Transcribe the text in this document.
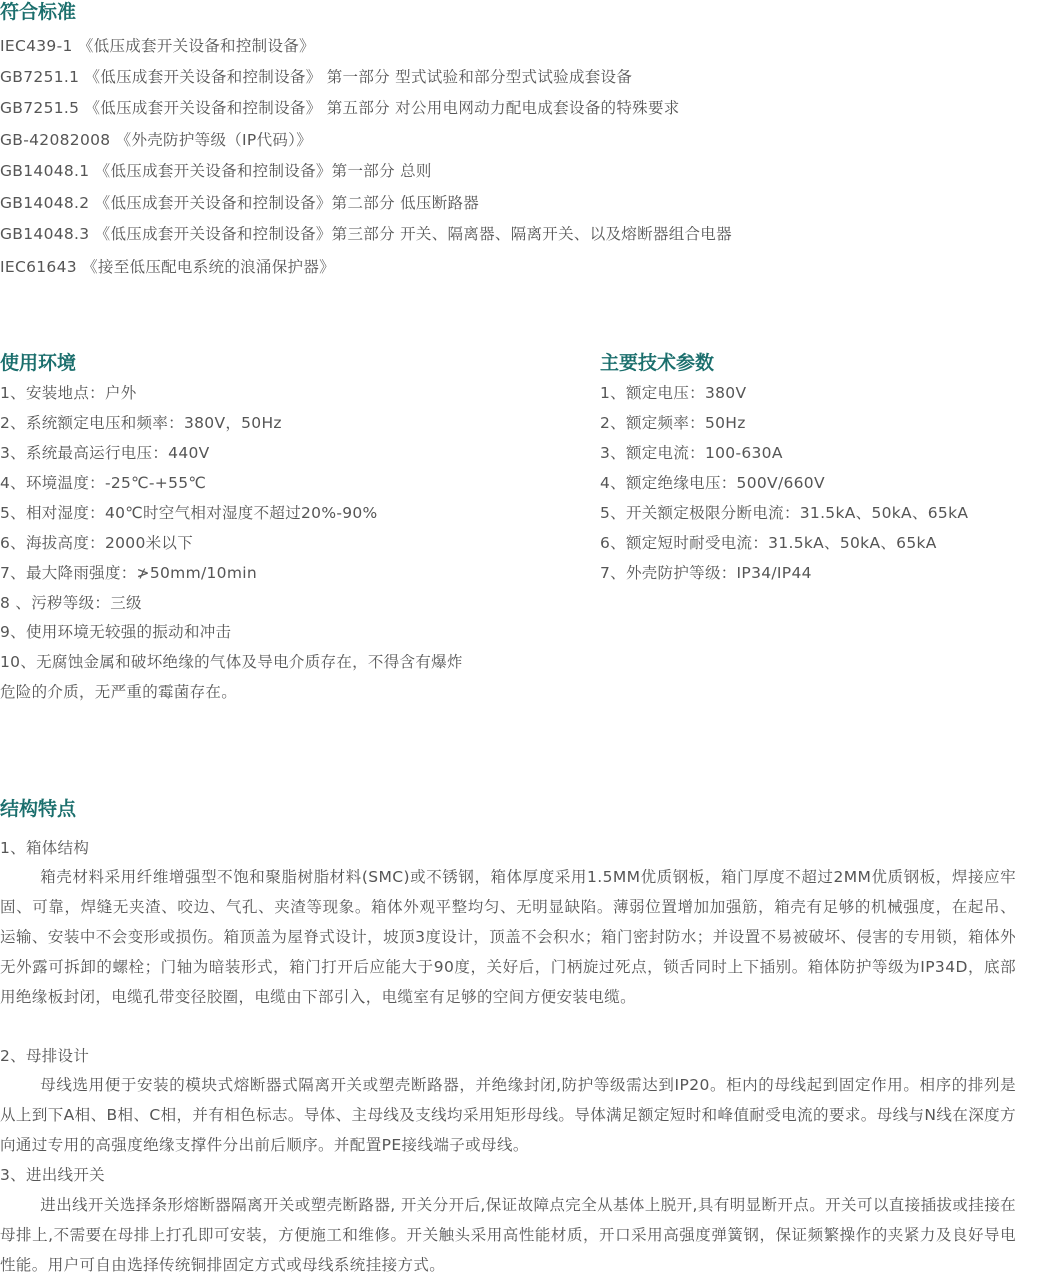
符合标准
IEC439-1 《低压成套开关设备和控制设备》
GB7251.1 《低压成套开关设备和控制设备》 第一部分 型式试验和部分型式试验成套设备
GB7251.5 《低压成套开关设备和控制设备》 第五部分 对公用电网动力配电成套设备的特殊要求
GB-42082008 《外壳防护等级（IP代码）》
GB14048.1 《低压成套开关设备和控制设备》第一部分 总则
GB14048.2 《低压成套开关设备和控制设备》第二部分 低压断路器
GB14048.3 《低压成套开关设备和控制设备》第三部分 开关、隔离器、隔离开关、以及熔断器组合电器
IEC61643 《接至低压配电系统的浪涌保护器》
使用环境
1、安装地点：户外
2、系统额定电压和频率：380V，50Hz
3、系统最高运行电压：440V
4、环境温度：-25℃-+55℃
5、相对湿度：40℃时空气相对湿度不超过20%-90%
6、海拔高度：2000米以下
7、最大降雨强度：≯50mm/10min
8 、污秽等级：三级
9、使用环境无较强的振动和冲击
10、无腐蚀金属和破坏绝缘的气体及导电介质存在，不得含有爆炸
危险的介质，无严重的霉菌存在。
主要技术参数
1、额定电压：380V
2、额定频率：50Hz
3、额定电流：100-630A
4、额定绝缘电压：500V/660V
5、开关额定极限分断电流：31.5kA、50kA、65kA
6、额定短时耐受电流：31.5kA、50kA、65kA
7、外壳防护等级：IP34/IP44
结构特点
1、箱体结构

箱壳材料采用纤维增强型不饱和聚脂树脂材料(SMC)或不锈钢，箱体厚度采用1.5MM优质钢板，箱门厚度不超过2MM优质钢板，焊接应牢固、可靠，焊缝无夹渣、咬边、气孔、夹渣等现象。箱体外观平整均匀、无明显缺陷。薄弱位置增加加强筋，箱壳有足够的机械强度，在起吊、运输、安装中不会变形或损伤。箱顶盖为屋脊式设计，坡顶3度设计，顶盖不会积水；箱门密封防水；并设置不易被破坏、侵害的专用锁，箱体外无外露可拆卸的螺栓；门轴为暗装形式，箱门打开后应能大于90度，关好后，门柄旋过死点，锁舌同时上下插别。箱体防护等级为IP34D，底部用绝缘板封闭，电缆孔带变径胶圈，电缆由下部引入，电缆室有足够的空间方便安装电缆。

2、母排设计

母线选用便于安装的模块式熔断器式隔离开关或塑壳断路器，并绝缘封闭,防护等级需达到IP20。柜内的母线起到固定作用。相序的排列是从上到下A相、B相、C相，并有相色标志。导体、主母线及支线均采用矩形母线。导体满足额定短时和峰值耐受电流的要求。母线与N线在深度方向通过专用的高强度绝缘支撑件分出前后顺序。并配置PE接线端子或母线。

3、进出线开关

进出线开关选择条形熔断器隔离开关或塑壳断路器, 开关分开后,保证故障点完全从基体上脱开,具有明显断开点。开关可以直接插拔或挂接在母排上,不需要在母排上打孔即可安装，方便施工和维修。开关触头采用高性能材质，开口采用高强度弹簧钢，保证频繁操作的夹紧力及良好导电性能。用户可自由选择传统铜排固定方式或母线系统挂接方式。
